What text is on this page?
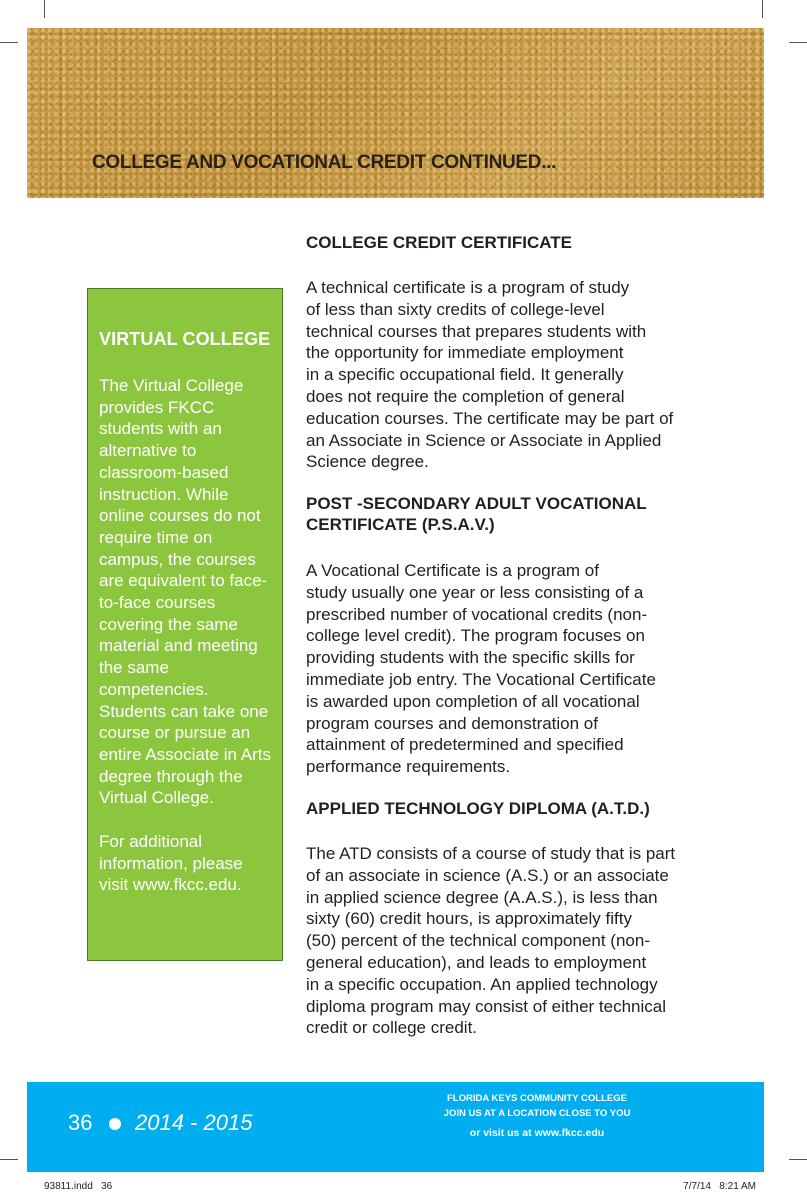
COLLEGE AND VOCATIONAL CREDIT CONTINUED...
VIRTUAL COLLEGE

The Virtual College provides FKCC students with an alternative to classroom-based instruction. While online courses do not require time on campus, the courses are equivalent to face-to-face courses covering the same material and meeting the same competencies. Students can take one course or pursue an entire Associate in Arts degree through the Virtual College.

For additional information, please visit www.fkcc.edu.

COLLEGE CREDIT CERTIFICATE
A technical certificate is a program of study
of less than sixty credits of college-level
technical courses that prepares students with
the opportunity for immediate employment
in a specific occupational field. It generally
does not require the completion of general
education courses. The certificate may be part of
an Associate in Science or Associate in Applied
Science degree.
POST -SECONDARY ADULT VOCATIONAL
CERTIFICATE (P.S.A.V.)
A Vocational Certificate is a program of
study usually one year or less consisting of a
prescribed number of vocational credits (non-
college level credit). The program focuses on
providing students with the specific skills for
immediate job entry. The Vocational Certificate
is awarded upon completion of all vocational
program courses and demonstration of
attainment of predetermined and specified
performance requirements.
APPLIED TECHNOLOGY DIPLOMA (A.T.D.)
The ATD consists of a course of study that is part
of an associate in science (A.S.) or an associate
in applied science degree (A.A.S.), is less than
sixty (60) credit hours, is approximately fifty
(50) percent of the technical component (non-
general education), and leads to employment
in a specific occupation. An applied technology
diploma program may consist of either technical
credit or college credit.
36 2014 - 2015
FLORIDA KEYS COMMUNITY COLLEGE
JOIN US AT A LOCATION CLOSE TO YOU
or visit us at www.fkcc.edu
93811.indd   36	7/7/14   8:21 AM
